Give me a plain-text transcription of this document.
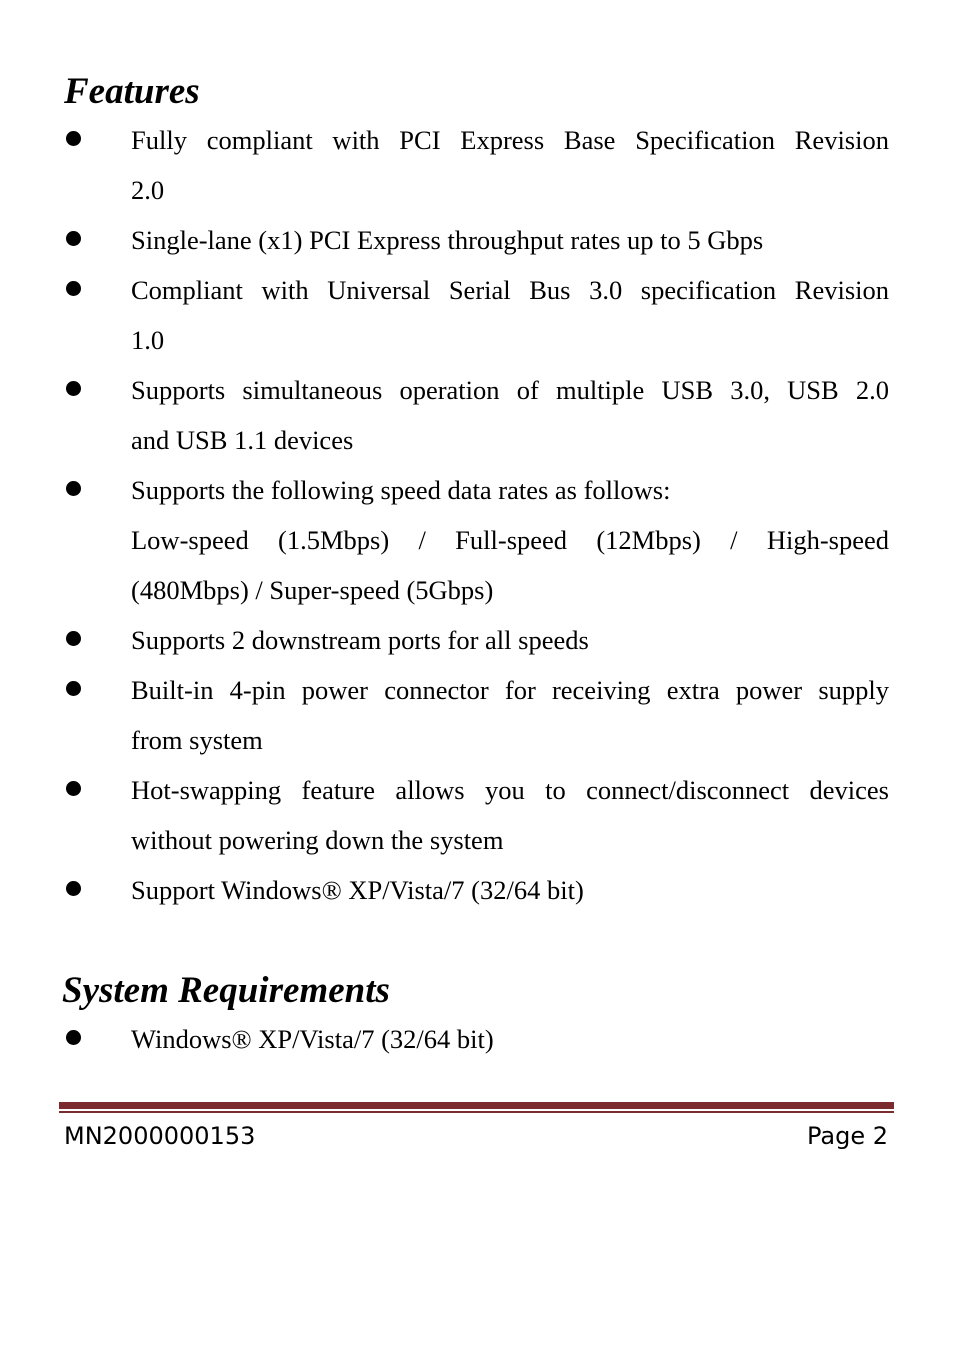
Features
Fully compliant with PCI Express Base Specification Revision
2.0
Single-lane (x1) PCI Express throughput rates up to 5 Gbps
Compliant with Universal Serial Bus 3.0 specification Revision
1.0
Supports simultaneous operation of multiple USB 3.0, USB 2.0
and USB 1.1 devices
Supports the following speed data rates as follows:
Low-speed (1.5Mbps) / Full-speed (12Mbps) / High-speed
(480Mbps) / Super-speed (5Gbps)
Supports 2 downstream ports for all speeds
Built-in 4-pin power connector for receiving extra power supply
from system
Hot-swapping feature allows you to connect/disconnect devices
without powering down the system
Support Windows® XP/Vista/7 (32/64 bit)
System Requirements
Windows® XP/Vista/7 (32/64 bit)
MN2000000153	Page 2
